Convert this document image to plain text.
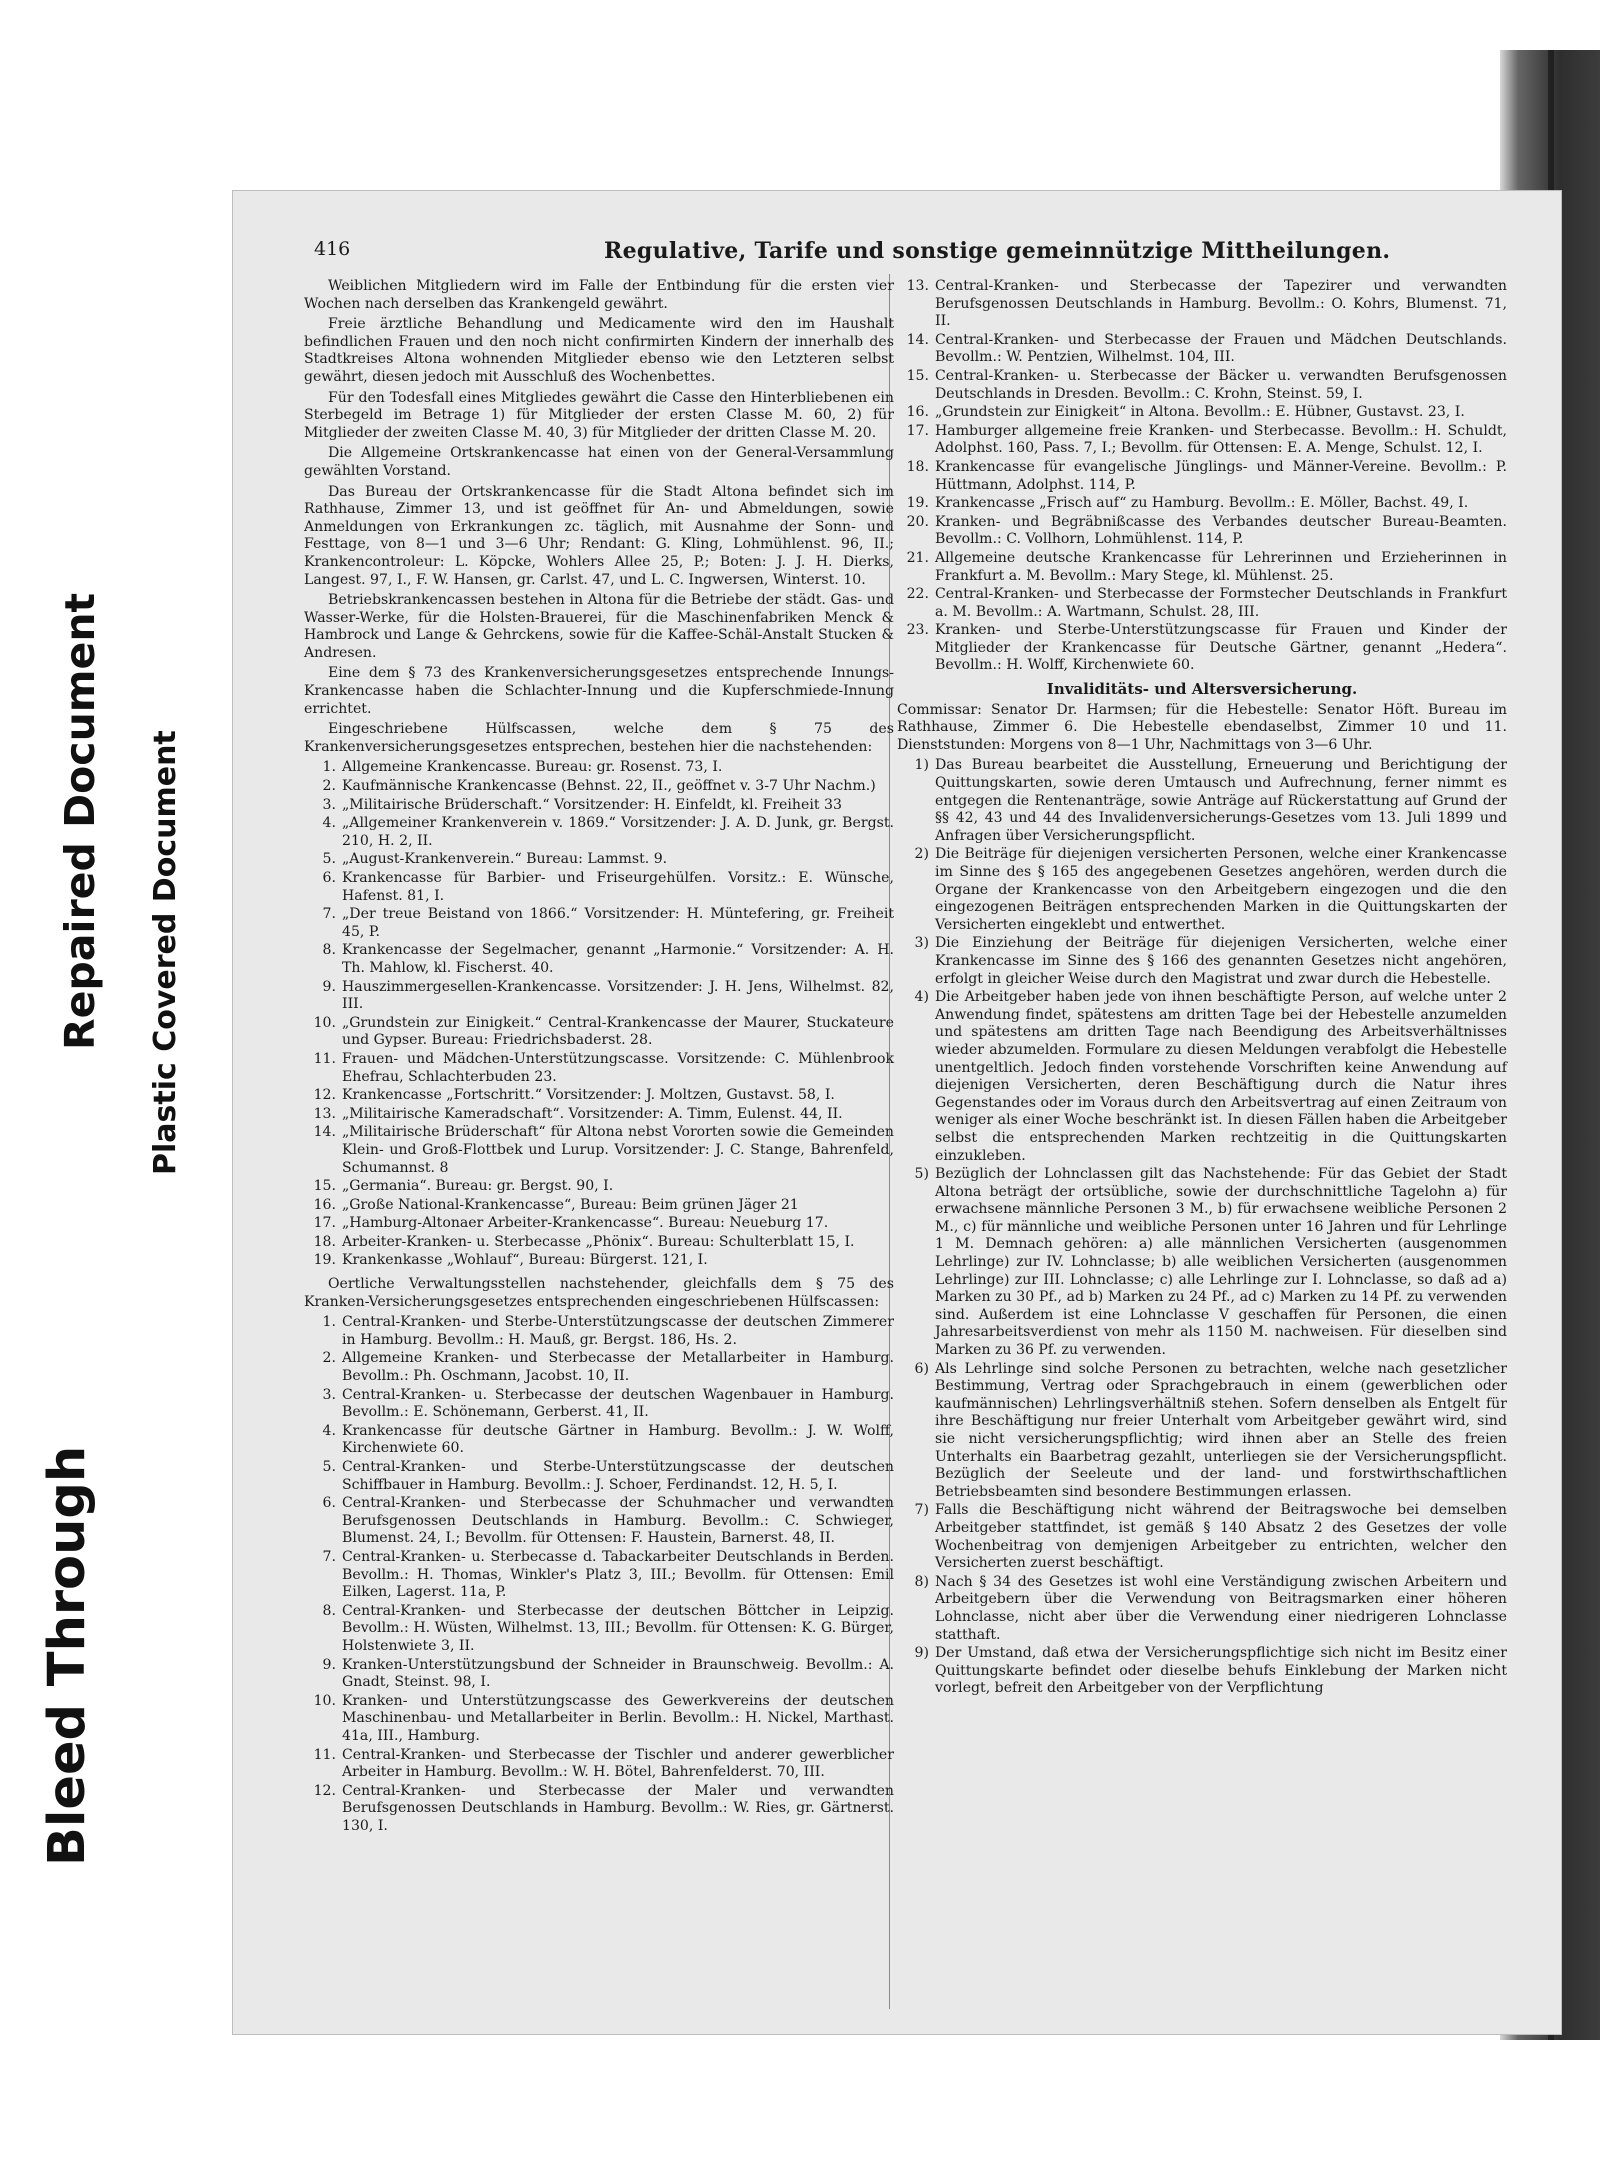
Bleed Through
Repaired Document Plastic Covered Document
416	Regulative, Tarife und sonstige gemeinnützige Mittheilungen.

Weiblichen Mitgliedern wird im Falle der Entbindung für die ersten vier Wochen nach derselben das Krankengeld gewährt.

Freie ärztliche Behandlung und Medicamente wird den im Haushalt befindlichen Frauen und den noch nicht confirmirten Kindern der innerhalb des Stadtkreises Altona wohnenden Mitglieder ebenso wie den Letzteren selbst gewährt, diesen jedoch mit Ausschluß des Wochenbettes.

Für den Todesfall eines Mitgliedes gewährt die Casse den Hinterbliebenen ein Sterbegeld im Betrage 1) für Mitglieder der ersten Classe M. 60, 2) für Mitglieder der zweiten Classe M. 40, 3) für Mitglieder der dritten Classe M. 20.

Die Allgemeine Ortskrankencasse hat einen von der General-Versammlung gewählten Vorstand.

Das Bureau der Ortskrankencasse für die Stadt Altona befindet sich im Rathhause, Zimmer 13, und ist geöffnet für An- und Abmeldungen, sowie Anmeldungen von Erkrankungen zc. täglich, mit Ausnahme der Sonn- und Festtage, von 8—1 und 3—6 Uhr; Rendant: G. Kling, Lohmühlenst. 96, II.; Krankencontroleur: L. Köpcke, Wohlers Allee 25, P.; Boten: J. J. H. Dierks, Langest. 97, I., F. W. Hansen, gr. Carlst. 47, und L. C. Ingwersen, Winterst. 10.

Betriebskrankencassen bestehen in Altona für die Betriebe der städt. Gas- und Wasser-Werke, für die Holsten-Brauerei, für die Maschinenfabriken Menck & Hambrock und Lange & Gehrckens, sowie für die Kaffee-Schäl-Anstalt Stucken & Andresen.

Eine dem § 73 des Krankenversicherungsgesetzes entsprechende Innungs-Krankencasse haben die Schlachter-Innung und die Kupferschmiede-Innung errichtet.

Eingeschriebene Hülfscassen, welche dem § 75 des Krankenversicherungsgesetzes entsprechen, bestehen hier die nachstehenden:

1. Allgemeine Krankencasse. Bureau: gr. Rosenst. 73, I.
2. Kaufmännische Krankencasse (Behnst. 22, II., geöffnet v. 3-7 Uhr Nachm.)
3. „Militairische Brüderschaft.“ Vorsitzender: H. Einfeldt, kl. Freiheit 33
4. „Allgemeiner Krankenverein v. 1869.“ Vorsitzender: J. A. D. Junk, gr. Bergst. 210, H. 2, II.
5. „August-Krankenverein.“ Bureau: Lammst. 9.
6. Krankencasse für Barbier- und Friseurgehülfen. Vorsitz.: E. Wünsche, Hafenst. 81, I.
7. „Der treue Beistand von 1866.“ Vorsitzender: H. Müntefering, gr. Freiheit 45, P.
8. Krankencasse der Segelmacher, genannt „Harmonie.“ Vorsitzender: A. H. Th. Mahlow, kl. Fischerst. 40.
9. Hauszimmergesellen-Krankencasse. Vorsitzender: J. H. Jens, Wilhelmst. 82, III.
10. „Grundstein zur Einigkeit.“ Central-Krankencasse der Maurer, Stuckateure und Gypser. Bureau: Friedrichsbaderst. 28.
11. Frauen- und Mädchen-Unterstützungscasse. Vorsitzende: C. Mühlenbrook Ehefrau, Schlachterbuden 23.
12. Krankencasse „Fortschritt.“ Vorsitzender: J. Moltzen, Gustavst. 58, I.
13. „Militairische Kameradschaft“. Vorsitzender: A. Timm, Eulenst. 44, II.
14. „Militairische Brüderschaft“ für Altona nebst Vororten sowie die Gemeinden Klein- und Groß-Flottbek und Lurup. Vorsitzender: J. C. Stange, Bahrenfeld, Schumannst. 8
15. „Germania“. Bureau: gr. Bergst. 90, I.
16. „Große National-Krankencasse“, Bureau: Beim grünen Jäger 21
17. „Hamburg-Altonaer Arbeiter-Krankencasse“. Bureau: Neueburg 17.
18. Arbeiter-Kranken- u. Sterbecasse „Phönix“. Bureau: Schulterblatt 15, I.
19. Krankenkasse „Wohlauf“, Bureau: Bürgerst. 121, I.

Oertliche Verwaltungsstellen nachstehender, gleichfalls dem § 75 des Kranken-Versicherungsgesetzes entsprechenden eingeschriebenen Hülfscassen:

1. Central-Kranken- und Sterbe-Unterstützungscasse der deutschen Zimmerer in Hamburg. Bevollm.: H. Mauß, gr. Bergst. 186, Hs. 2.
2. Allgemeine Kranken- und Sterbecasse der Metallarbeiter in Hamburg. Bevollm.: Ph. Oschmann, Jacobst. 10, II.
3. Central-Kranken- u. Sterbecasse der deutschen Wagenbauer in Hamburg. Bevollm.: E. Schönemann, Gerberst. 41, II.
4. Krankencasse für deutsche Gärtner in Hamburg. Bevollm.: J. W. Wolff, Kirchenwiete 60.
5. Central-Kranken- und Sterbe-Unterstützungscasse der deutschen Schiffbauer in Hamburg. Bevollm.: J. Schoer, Ferdinandst. 12, H. 5, I.
6. Central-Kranken- und Sterbecasse der Schuhmacher und verwandten Berufsgenossen Deutschlands in Hamburg. Bevollm.: C. Schwieger, Blumenst. 24, I.; Bevollm. für Ottensen: F. Haustein, Barnerst. 48, II.
7. Central-Kranken- u. Sterbecasse d. Tabackarbeiter Deutschlands in Berden. Bevollm.: H. Thomas, Winkler's Platz 3, III.; Bevollm. für Ottensen: Emil Eilken, Lagerst. 11a, P.
8. Central-Kranken- und Sterbecasse der deutschen Böttcher in Leipzig. Bevollm.: H. Wüsten, Wilhelmst. 13, III.; Bevollm. für Ottensen: K. G. Bürger, Holstenwiete 3, II.
9. Kranken-Unterstützungsbund der Schneider in Braunschweig. Bevollm.: A. Gnadt, Steinst. 98, I.
10. Kranken- und Unterstützungscasse des Gewerkvereins der deutschen Maschinenbau- und Metallarbeiter in Berlin. Bevollm.: H. Nickel, Marthast. 41a, III., Hamburg.
11. Central-Kranken- und Sterbecasse der Tischler und anderer gewerblicher Arbeiter in Hamburg. Bevollm.: W. H. Bötel, Bahrenfelderst. 70, III.
12. Central-Kranken- und Sterbecasse der Maler und verwandten Berufsgenossen Deutschlands in Hamburg. Bevollm.: W. Ries, gr. Gärtnerst. 130, I.
13. Central-Kranken- und Sterbecasse der Tapezirer und verwandten Berufsgenossen Deutschlands in Hamburg. Bevollm.: O. Kohrs, Blumenst. 71, II.
14. Central-Kranken- und Sterbecasse der Frauen und Mädchen Deutschlands. Bevollm.: W. Pentzien, Wilhelmst. 104, III.
15. Central-Kranken- u. Sterbecasse der Bäcker u. verwandten Berufsgenossen Deutschlands in Dresden. Bevollm.: C. Krohn, Steinst. 59, I.
16. „Grundstein zur Einigkeit“ in Altona. Bevollm.: E. Hübner, Gustavst. 23, I.
17. Hamburger allgemeine freie Kranken- und Sterbecasse. Bevollm.: H. Schuldt, Adolphst. 160, Pass. 7, I.; Bevollm. für Ottensen: E. A. Menge, Schulst. 12, I.
18. Krankencasse für evangelische Jünglings- und Männer-Vereine. Bevollm.: P. Hüttmann, Adolphst. 114, P.
19. Krankencasse „Frisch auf“ zu Hamburg. Bevollm.: E. Möller, Bachst. 49, I.
20. Kranken- und Begräbnißcasse des Verbandes deutscher Bureau-Beamten. Bevollm.: C. Vollhorn, Lohmühlenst. 114, P.
21. Allgemeine deutsche Krankencasse für Lehrerinnen und Erzieherinnen in Frankfurt a. M. Bevollm.: Mary Stege, kl. Mühlenst. 25.
22. Central-Kranken- und Sterbecasse der Formstecher Deutschlands in Frankfurt a. M. Bevollm.: A. Wartmann, Schulst. 28, III.
23. Kranken- und Sterbe-Unterstützungscasse für Frauen und Kinder der Mitglieder der Krankencasse für Deutsche Gärtner, genannt „Hedera“. Bevollm.: H. Wolff, Kirchenwiete 60.
Invaliditäts- und Altersversicherung.

Commissar: Senator Dr. Harmsen; für die Hebestelle: Senator Höft. Bureau im Rathhause, Zimmer 6. Die Hebestelle ebendaselbst, Zimmer 10 und 11. Dienststunden: Morgens von 8—1 Uhr, Nachmittags von 3—6 Uhr.

1) Das Bureau bearbeitet die Ausstellung, Erneuerung und Berichtigung der Quittungskarten, sowie deren Umtausch und Aufrechnung, ferner nimmt es entgegen die Rentenanträge, sowie Anträge auf Rückerstattung auf Grund der §§ 42, 43 und 44 des Invalidenversicherungs-Gesetzes vom 13. Juli 1899 und Anfragen über Versicherungspflicht.
2) Die Beiträge für diejenigen versicherten Personen, welche einer Krankencasse im Sinne des § 165 des angegebenen Gesetzes angehören, werden durch die Organe der Krankencasse von den Arbeitgebern eingezogen und die den eingezogenen Beiträgen entsprechenden Marken in die Quittungskarten der Versicherten eingeklebt und entwerthet.
3) Die Einziehung der Beiträge für diejenigen Versicherten, welche einer Krankencasse im Sinne des § 166 des genannten Gesetzes nicht angehören, erfolgt in gleicher Weise durch den Magistrat und zwar durch die Hebestelle.
4) Die Arbeitgeber haben jede von ihnen beschäftigte Person, auf welche unter 2 Anwendung findet, spätestens am dritten Tage bei der Hebestelle anzumelden und spätestens am dritten Tage nach Beendigung des Arbeitsverhältnisses wieder abzumelden. Formulare zu diesen Meldungen verabfolgt die Hebestelle unentgeltlich. Jedoch finden vorstehende Vorschriften keine Anwendung auf diejenigen Versicherten, deren Beschäftigung durch die Natur ihres Gegenstandes oder im Voraus durch den Arbeitsvertrag auf einen Zeitraum von weniger als einer Woche beschränkt ist. In diesen Fällen haben die Arbeitgeber selbst die entsprechenden Marken rechtzeitig in die Quittungskarten einzukleben.
5) Bezüglich der Lohnclassen gilt das Nachstehende: Für das Gebiet der Stadt Altona beträgt der ortsübliche, sowie der durchschnittliche Tagelohn a) für erwachsene männliche Personen 3 M., b) für erwachsene weibliche Personen 2 M., c) für männliche und weibliche Personen unter 16 Jahren und für Lehrlinge 1 M. Demnach gehören: a) alle männlichen Versicherten (ausgenommen Lehrlinge) zur IV. Lohnclasse; b) alle weiblichen Versicherten (ausgenommen Lehrlinge) zur III. Lohnclasse; c) alle Lehrlinge zur I. Lohnclasse, so daß ad a) Marken zu 30 Pf., ad b) Marken zu 24 Pf., ad c) Marken zu 14 Pf. zu verwenden sind. Außerdem ist eine Lohnclasse V geschaffen für Personen, die einen Jahresarbeitsverdienst von mehr als 1150 M. nachweisen. Für dieselben sind Marken zu 36 Pf. zu verwenden.
6) Als Lehrlinge sind solche Personen zu betrachten, welche nach gesetzlicher Bestimmung, Vertrag oder Sprachgebrauch in einem (gewerblichen oder kaufmännischen) Lehrlingsverhältniß stehen. Sofern denselben als Entgelt für ihre Beschäftigung nur freier Unterhalt vom Arbeitgeber gewährt wird, sind sie nicht versicherungspflichtig; wird ihnen aber an Stelle des freien Unterhalts ein Baarbetrag gezahlt, unterliegen sie der Versicherungspflicht. Bezüglich der Seeleute und der land- und forstwirthschaftlichen Betriebsbeamten sind besondere Bestimmungen erlassen.
7) Falls die Beschäftigung nicht während der Beitragswoche bei demselben Arbeitgeber stattfindet, ist gemäß § 140 Absatz 2 des Gesetzes der volle Wochenbeitrag von demjenigen Arbeitgeber zu entrichten, welcher den Versicherten zuerst beschäftigt.
8) Nach § 34 des Gesetzes ist wohl eine Verständigung zwischen Arbeitern und Arbeitgebern über die Verwendung von Beitragsmarken einer höheren Lohnclasse, nicht aber über die Verwendung einer niedrigeren Lohnclasse statthaft.
9) Der Umstand, daß etwa der Versicherungspflichtige sich nicht im Besitz einer Quittungskarte befindet oder dieselbe behufs Einklebung der Marken nicht vorlegt, befreit den Arbeitgeber von der Verpflichtung
